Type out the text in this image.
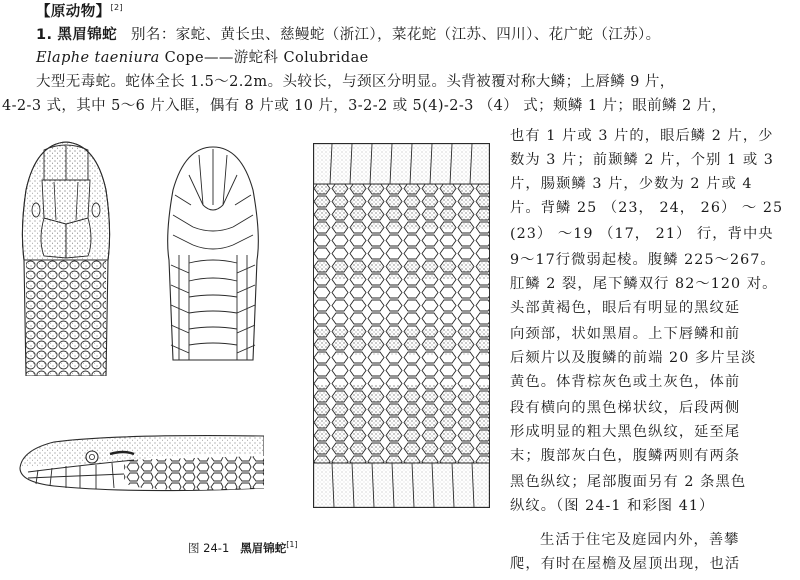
【原动物】[2]
1. 黑眉锦蛇 别名：家蛇、黄长虫、慈鳗蛇（浙江），菜花蛇（江苏、四川）、花广蛇（江苏）。
Elaphe taeniura Cope——游蛇科 Colubridae
大型无毒蛇。蛇体全长 1.5～2.2m。头较长，与颈区分明显。头背被覆对称大鳞；上唇鳞 9 片，
4-2-3 式，其中 5～6 片入眶，偶有 8 片或 10 片，3-2-2 或 5(4)-2-3 （4） 式；颊鳞 1 片；眼前鳞 2 片，
也有 1 片或 3 片的，眼后鳞 2 片，少
数为 3 片；前颞鳞 2 片，个别 1 或 3
片，腸颞鳞 3 片，少数为 2 片或 4
片。背鳞 25 （23， 24， 26） ～ 25
(23） ～19 （17， 21） 行，背中央
9～17行微弱起棱。腹鳞 225～267。
肛鳞 2 裂，尾下鳞双行 82～120 对。
头部黄褐色，眼后有明显的黑纹延
向颈部，状如黑眉。上下唇鳞和前
后颏片以及腹鳞的前端 20 多片呈淡
黄色。体背棕灰色或土灰色，体前
段有横向的黑色梯状纹，后段两侧
形成明显的粗大黑色纵纹，延至尾
末；腹部灰白色，腹鳞两则有两条
黑色纵纹；尾部腹面另有 2 条黑色
纵纹。（图 24-1 和彩图 41）
生活于住宅及庭园内外，善攀
爬，有时在屋檐及屋顶出现，也活
图 24-1 黑眉锦蛇[1]
